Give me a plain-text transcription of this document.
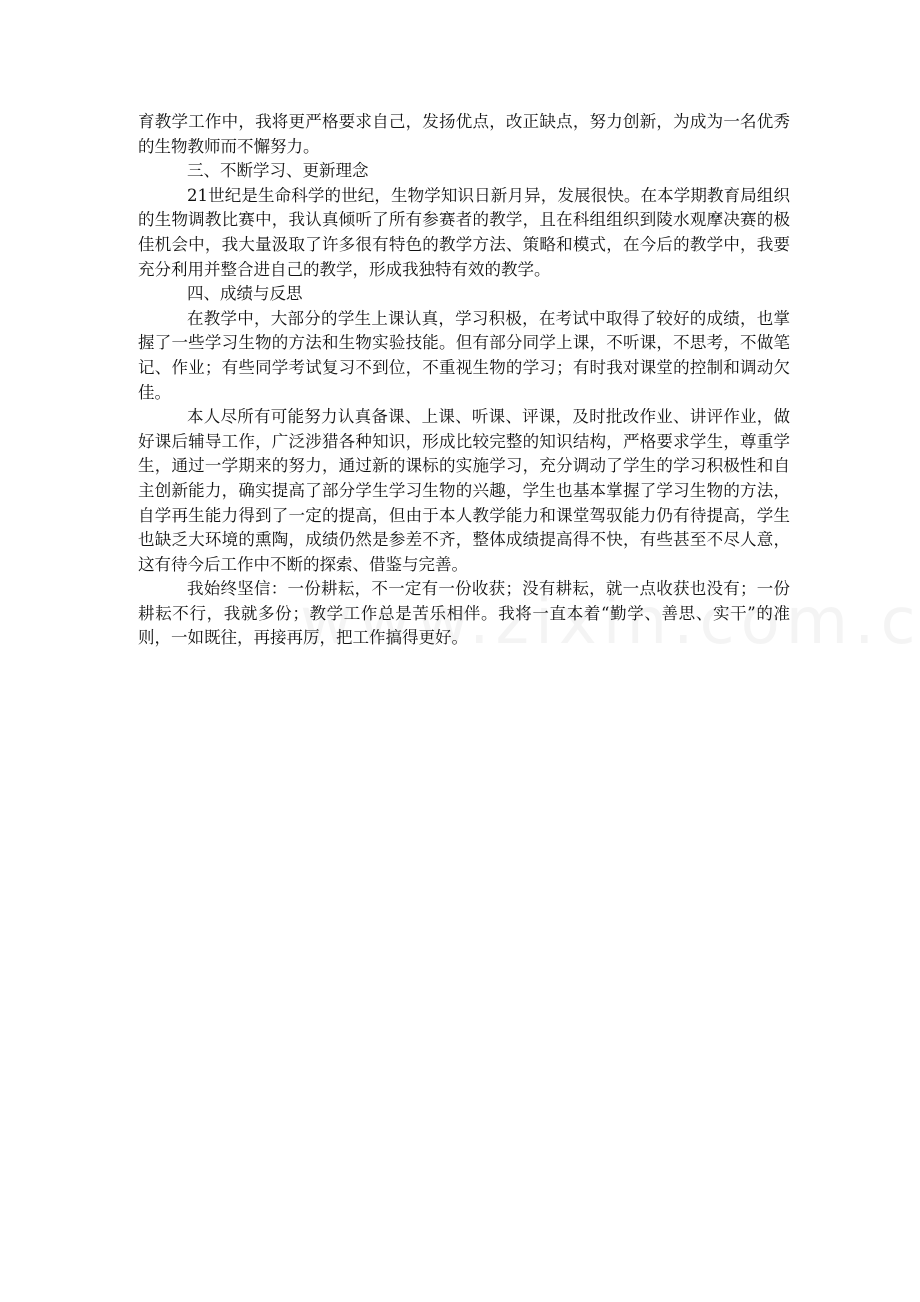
育教学工作中，我将更严格要求自己，发扬优点，改正缺点，努力创新，为成为一名优秀的生物教师而不懈努力。

三、不断学习、更新理念

21世纪是生命科学的世纪，生物学知识日新月异，发展很快。在本学期教育局组织的生物调教比赛中，我认真倾听了所有参赛者的教学，且在科组组织到陵水观摩决赛的极佳机会中，我大量汲取了许多很有特色的教学方法、策略和模式，在今后的教学中，我要充分利用并整合进自己的教学，形成我独特有效的教学。

四、成绩与反思

在教学中，大部分的学生上课认真，学习积极，在考试中取得了较好的成绩，也掌握了一些学习生物的方法和生物实验技能。但有部分同学上课，不听课，不思考，不做笔记、作业；有些同学考试复习不到位，不重视生物的学习；有时我对课堂的控制和调动欠佳。

本人尽所有可能努力认真备课、上课、听课、评课，及时批改作业、讲评作业，做好课后辅导工作，广泛涉猎各种知识，形成比较完整的知识结构，严格要求学生，尊重学生，通过一学期来的努力，通过新的课标的实施学习，充分调动了学生的学习积极性和自主创新能力，确实提高了部分学生学习生物的兴趣，学生也基本掌握了学习生物的方法，自学再生能力得到了一定的提高，但由于本人教学能力和课堂驾驭能力仍有待提高，学生也缺乏大环境的熏陶，成绩仍然是参差不齐，整体成绩提高得不快，有些甚至不尽人意，这有待今后工作中不断的探索、借鉴与完善。

我始终坚信：一份耕耘，不一定有一份收获；没有耕耘，就一点收获也没有；一份耕耘不行，我就多份；教学工作总是苦乐相伴。我将一直本着“勤学、善思、实干”的准则，一如既往，再接再厉，把工作搞得更好。
